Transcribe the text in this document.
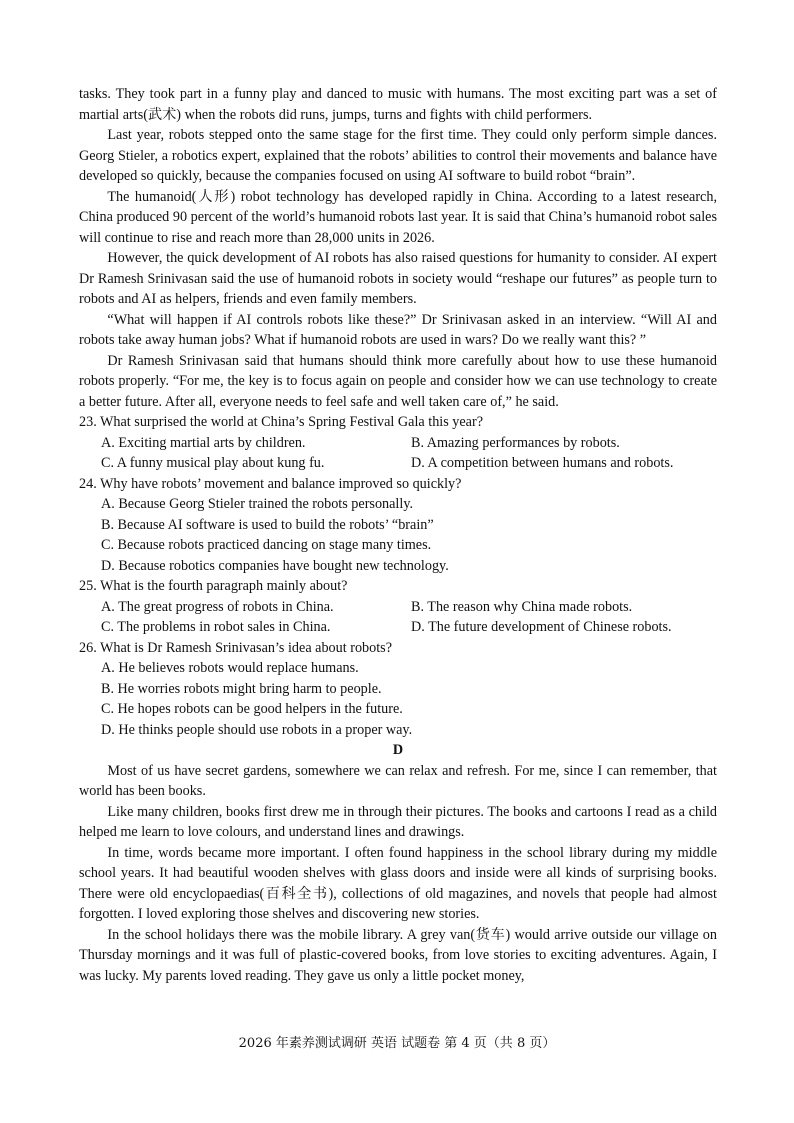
tasks. They took part in a funny play and danced to music with humans. The most exciting part was a set of martial arts(武术) when the robots did runs, jumps, turns and fights with child performers.

Last year, robots stepped onto the same stage for the first time. They could only perform simple dances. Georg Stieler, a robotics expert, explained that the robots’ abilities to control their movements and balance have developed so quickly, because the companies focused on using AI software to build robot “brain”.

The humanoid(人形) robot technology has developed rapidly in China. According to a latest research, China produced 90 percent of the world’s humanoid robots last year. It is said that China’s humanoid robot sales will continue to rise and reach more than 28,000 units in 2026.

However, the quick development of AI robots has also raised questions for humanity to consider. AI expert Dr Ramesh Srinivasan said the use of humanoid robots in society would “reshape our futures” as people turn to robots and AI as helpers, friends and even family members.

“What will happen if AI controls robots like these?” Dr Srinivasan asked in an interview. “Will AI and robots take away human jobs? What if humanoid robots are used in wars? Do we really want this? ”

Dr Ramesh Srinivasan said that humans should think more carefully about how to use these humanoid robots properly. “For me, the key is to focus again on people and consider how we can use technology to create a better future. After all, everyone needs to feel safe and well taken care of,” he said.

23. What surprised the world at China’s Spring Festival Gala this year?
A. Exciting martial arts by children.	B. Amazing performances by robots.
C. A funny musical play about kung fu.	D. A competition between humans and robots.
24. Why have robots’ movement and balance improved so quickly?
A. Because Georg Stieler trained the robots personally.
B. Because AI software is used to build the robots’ “brain”
C. Because robots practiced dancing on stage many times.
D. Because robotics companies have bought new technology.
25. What is the fourth paragraph mainly about?
A. The great progress of robots in China.	B. The reason why China made robots.
C. The problems in robot sales in China.	D. The future development of Chinese robots.
26. What is Dr Ramesh Srinivasan’s idea about robots?
A. He believes robots would replace humans.
B. He worries robots might bring harm to people.
C. He hopes robots can be good helpers in the future.
D. He thinks people should use robots in a proper way.
D

Most of us have secret gardens, somewhere we can relax and refresh. For me, since I can remember, that world has been books.

Like many children, books first drew me in through their pictures. The books and cartoons I read as a child helped me learn to love colours, and understand lines and drawings.

In time, words became more important. I often found happiness in the school library during my middle school years. It had beautiful wooden shelves with glass doors and inside were all kinds of surprising books. There were old encyclopaedias(百科全书), collections of old magazines, and novels that people had almost forgotten. I loved exploring those shelves and discovering new stories.

In the school holidays there was the mobile library. A grey van(货车) would arrive outside our village on Thursday mornings and it was full of plastic-covered books, from love stories to exciting adventures. Again, I was lucky. My parents loved reading. They gave us only a little pocket money,

2026 年素养测试调研 英语 试题卷 第 4 页（共 8 页）
